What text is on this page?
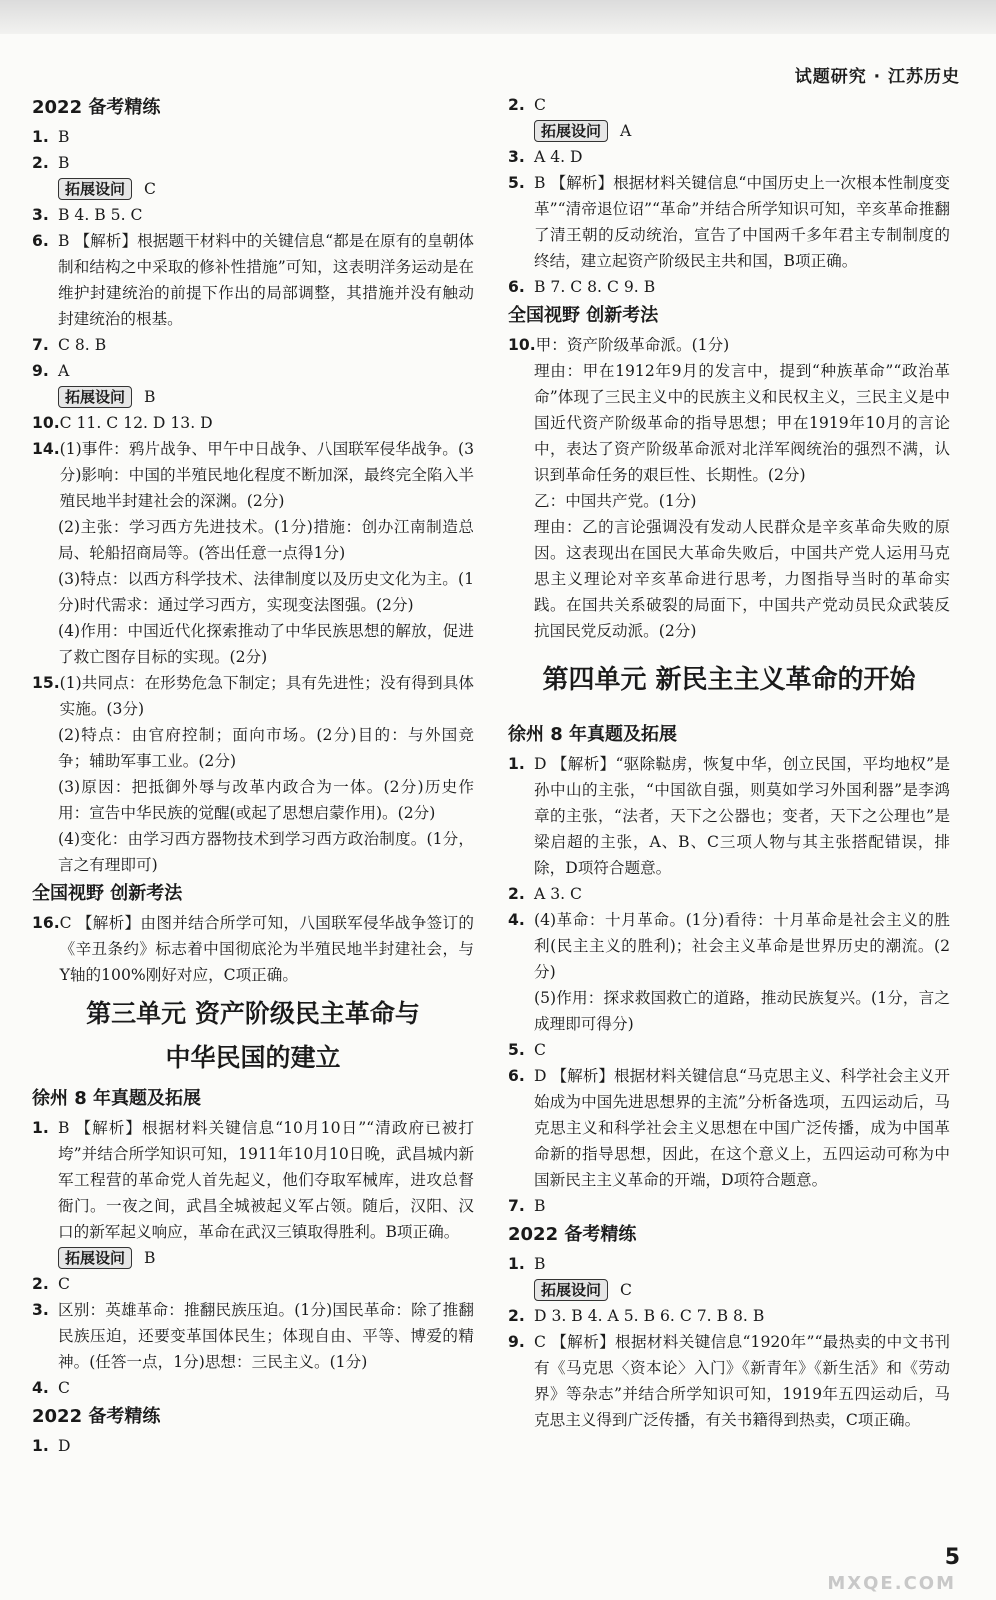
试题研究 · 江苏历史
2022 备考精练
1. B
2. B
拓展设问 C
3. B 4. B 5. C
6. B 【解析】根据题干材料中的关键信息“都是在原有的皇朝体制和结构之中采取的修补性措施”可知，这表明洋务运动是在维护封建统治的前提下作出的局部调整，其措施并没有触动封建统治的根基。
7. C 8. B
9. A
拓展设问 B
10. C 11. C 12. D 13. D
14. (1)事件：鸦片战争、甲午中日战争、八国联军侵华战争。(3分)影响：中国的半殖民地化程度不断加深，最终完全陷入半殖民地半封建社会的深渊。(2分)
(2)主张：学习西方先进技术。(1分)措施：创办江南制造总局、轮船招商局等。(答出任意一点得1分)
(3)特点：以西方科学技术、法律制度以及历史文化为主。(1分)时代需求：通过学习西方，实现变法图强。(2分)
(4)作用：中国近代化探索推动了中华民族思想的解放，促进了救亡图存目标的实现。(2分)
15. (1)共同点：在形势危急下制定；具有先进性；没有得到具体实施。(3分)
(2)特点：由官府控制；面向市场。(2分)目的：与外国竞争；辅助军事工业。(2分)
(3)原因：把抵御外辱与改革内政合为一体。(2分)历史作用：宣告中华民族的觉醒(或起了思想启蒙作用)。(2分)
(4)变化：由学习西方器物技术到学习西方政治制度。(1分，言之有理即可)
全国视野 创新考法
16. C 【解析】由图并结合所学可知，八国联军侵华战争签订的《辛丑条约》标志着中国彻底沦为半殖民地半封建社会，与Y轴的100%刚好对应，C项正确。
第三单元 资产阶级民主革命与
中华民国的建立
徐州 8 年真题及拓展
1. B 【解析】根据材料关键信息“10月10日”“清政府已被打垮”并结合所学知识可知，1911年10月10日晚，武昌城内新军工程营的革命党人首先起义，他们夺取军械库，进攻总督衙门。一夜之间，武昌全城被起义军占领。随后，汉阳、汉口的新军起义响应，革命在武汉三镇取得胜利。B项正确。
拓展设问 B
2. C
3. 区别：英雄革命：推翻民族压迫。(1分)国民革命：除了推翻民族压迫，还要变革国体民生；体现自由、平等、博爱的精神。(任答一点，1分)思想：三民主义。(1分)
4. C
2022 备考精练
1. D
2. C
拓展设问 A
3. A 4. D
5. B 【解析】根据材料关键信息“中国历史上一次根本性制度变革”“清帝退位诏”“革命”并结合所学知识可知，辛亥革命推翻了清王朝的反动统治，宣告了中国两千多年君主专制制度的终结，建立起资产阶级民主共和国，B项正确。
6. B 7. C 8. C 9. B
全国视野 创新考法
10. 甲：资产阶级革命派。(1分)
理由：甲在1912年9月的发言中，提到“种族革命”“政治革命”体现了三民主义中的民族主义和民权主义，三民主义是中国近代资产阶级革命的指导思想；甲在1919年10月的言论中，表达了资产阶级革命派对北洋军阀统治的强烈不满，认识到革命任务的艰巨性、长期性。(2分)
乙：中国共产党。(1分)
理由：乙的言论强调没有发动人民群众是辛亥革命失败的原因。这表现出在国民大革命失败后，中国共产党人运用马克思主义理论对辛亥革命进行思考，力图指导当时的革命实践。在国共关系破裂的局面下，中国共产党动员民众武装反抗国民党反动派。(2分)
第四单元 新民主主义革命的开始
徐州 8 年真题及拓展
1. D 【解析】“驱除鞑虏，恢复中华，创立民国，平均地权”是孙中山的主张，“中国欲自强，则莫如学习外国利器”是李鸿章的主张，“法者，天下之公器也；变者，天下之公理也”是梁启超的主张，A、B、C三项人物与其主张搭配错误，排除，D项符合题意。
2. A 3. C
4. (4)革命：十月革命。(1分)看待：十月革命是社会主义的胜利(民主主义的胜利)；社会主义革命是世界历史的潮流。(2分)
(5)作用：探求救国救亡的道路，推动民族复兴。(1分，言之成理即可得分)
5. C
6. D 【解析】根据材料关键信息“马克思主义、科学社会主义开始成为中国先进思想界的主流”分析备选项，五四运动后，马克思主义和科学社会主义思想在中国广泛传播，成为中国革命新的指导思想，因此，在这个意义上，五四运动可称为中国新民主主义革命的开端，D项符合题意。
7. B
2022 备考精练
1. B
拓展设问 C
2. D 3. B 4. A 5. B 6. C 7. B 8. B
9. C 【解析】根据材料关键信息“1920年”“最热卖的中文书刊有《马克思〈资本论〉入门》《新青年》《新生活》和《劳动界》等杂志”并结合所学知识可知，1919年五四运动后，马克思主义得到广泛传播，有关书籍得到热卖，C项正确。
MXQE.COM
5
